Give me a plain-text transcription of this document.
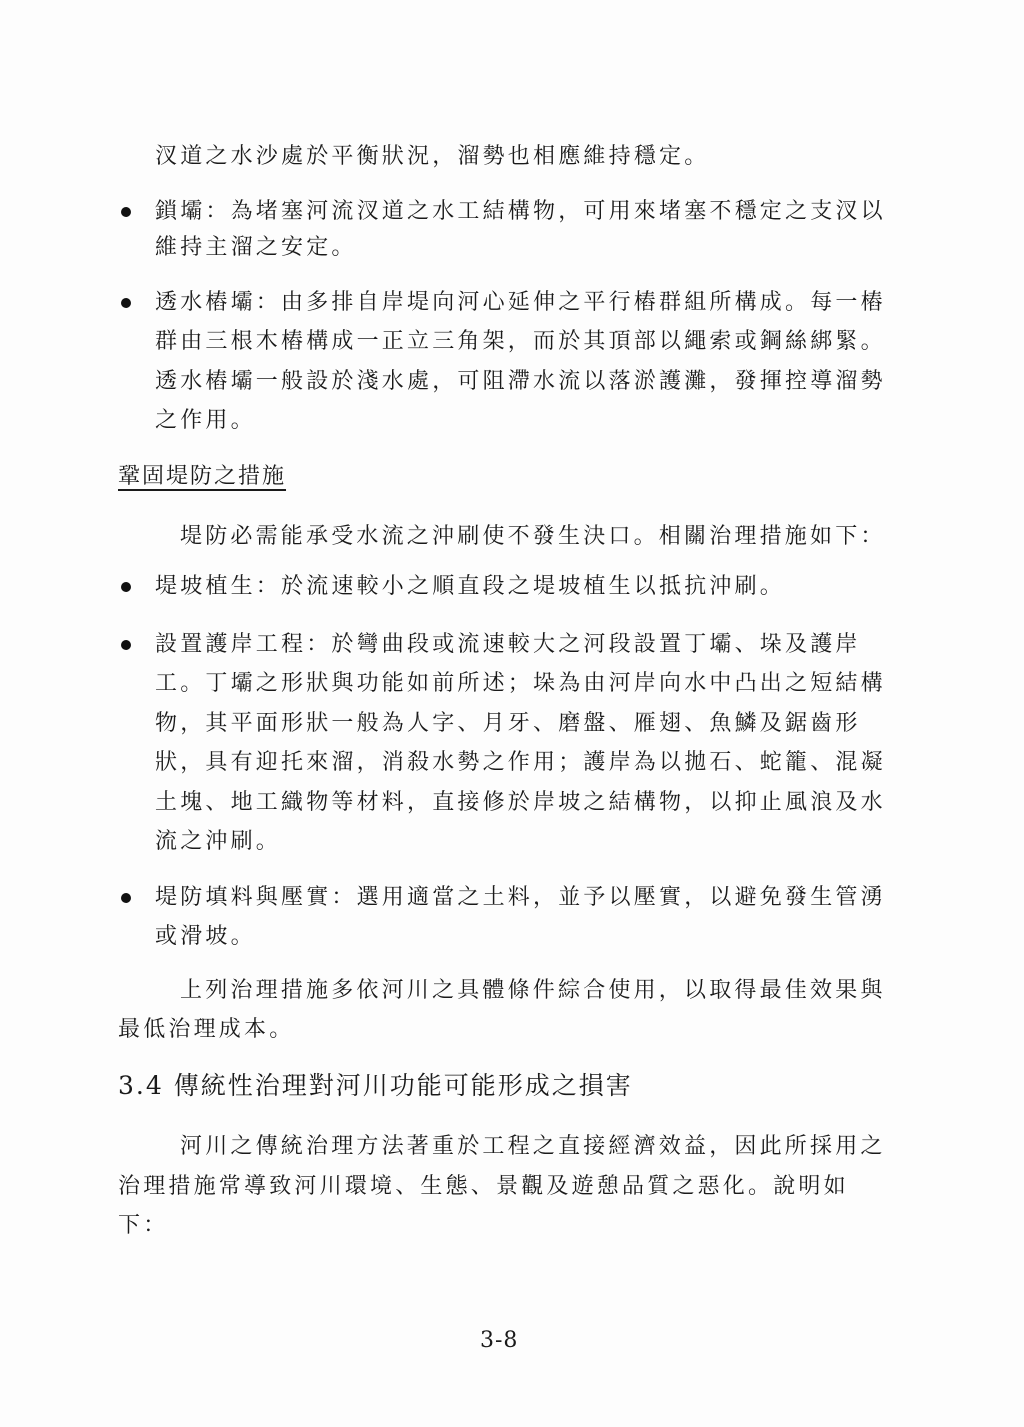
汊道之水沙處於平衡狀況，溜勢也相應維持穩定。
鎖壩：為堵塞河流汊道之水工結構物，可用來堵塞不穩定之支汊以
維持主溜之安定。
透水樁壩：由多排自岸堤向河心延伸之平行樁群組所構成。每一樁
群由三根木樁構成一正立三角架，而於其頂部以繩索或鋼絲綁緊。
透水樁壩一般設於淺水處，可阻滯水流以落淤護灘，發揮控導溜勢
之作用。
鞏固堤防之措施
堤防必需能承受水流之沖刷使不發生決口。相關治理措施如下：
堤坡植生：於流速較小之順直段之堤坡植生以抵抗沖刷。
設置護岸工程：於彎曲段或流速較大之河段設置丁壩、垛及護岸
工。丁壩之形狀與功能如前所述；垛為由河岸向水中凸出之短結構
物，其平面形狀一般為人字、月牙、磨盤、雁翅、魚鱗及鋸齒形
狀，具有迎托來溜，消殺水勢之作用；護岸為以拋石、蛇籠、混凝
土塊、地工織物等材料，直接修於岸坡之結構物，以抑止風浪及水
流之沖刷。
堤防填料與壓實：選用適當之土料，並予以壓實，以避免發生管湧
或滑坡。
上列治理措施多依河川之具體條件綜合使用，以取得最佳效果與
最低治理成本。
3.4 傳統性治理對河川功能可能形成之損害
河川之傳統治理方法著重於工程之直接經濟效益，因此所採用之
治理措施常導致河川環境、生態、景觀及遊憩品質之惡化。說明如
下：
3-8
